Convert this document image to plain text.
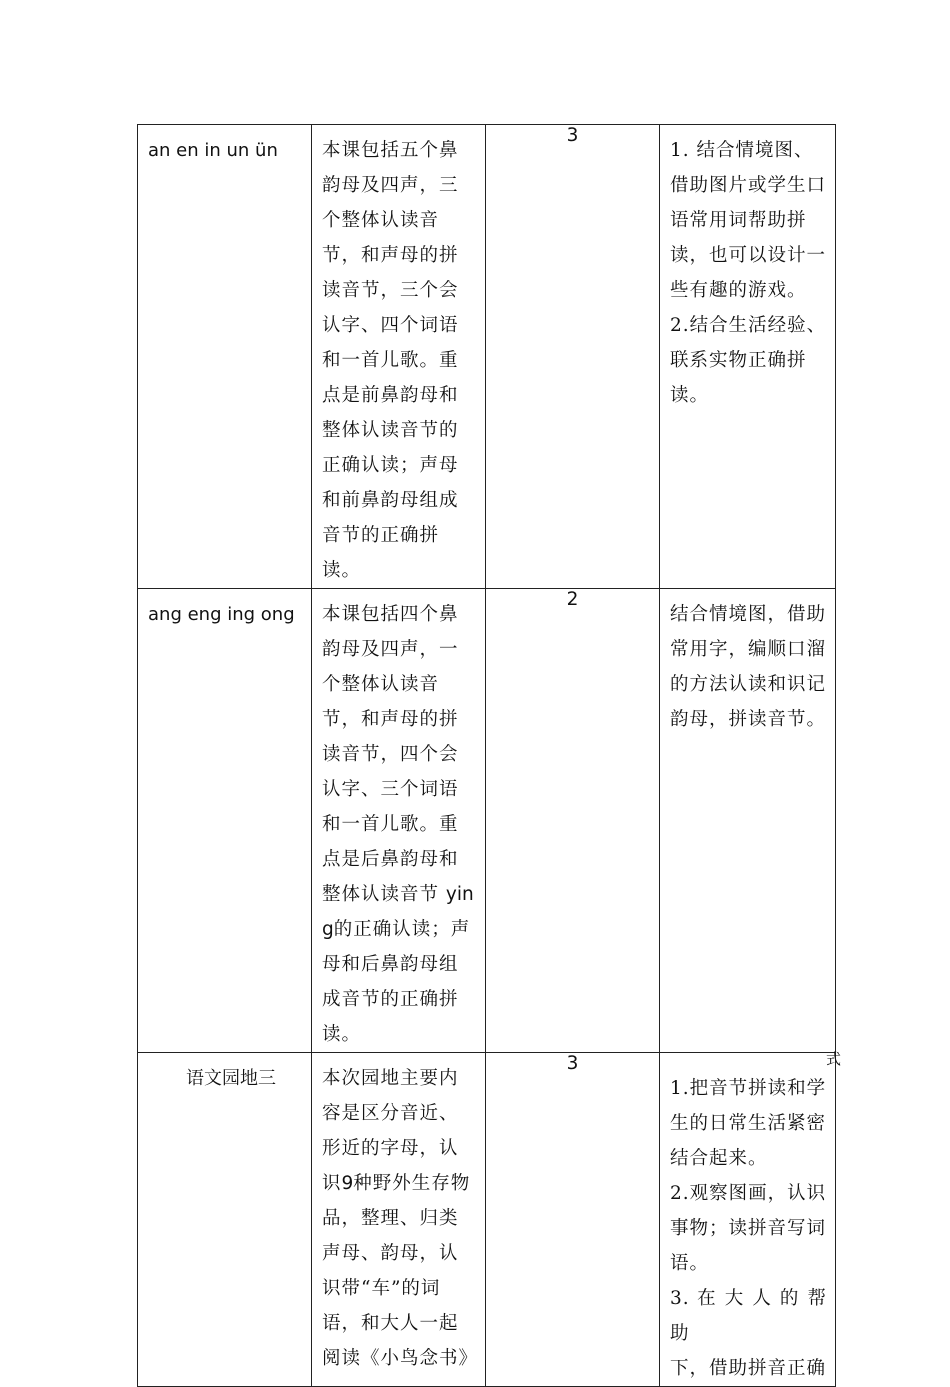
an en in un ün	本课包括五个鼻韵母及四声，三个整体认读音节，和声母的拼读音节，三个会认字、四个词语和一首儿歌。重点是前鼻韵母和整体认读音节的正确认读；声母和前鼻韵母组成音节的正确拼读。	3	1. 结合情境图、借助图片或学生口语常用词帮助拼读，也可以设计一些有趣的游戏。

2.结合生活经验、联系实物正确拼读。

ang eng ing ong	本课包括四个鼻韵母及四声，一个整体认读音节，和声母的拼读音节，四个会认字、三个词语和一首儿歌。重点是后鼻韵母和整体认读音节 ying的正确认读；声母和后鼻韵母组成音节的正确拼读。	2	结合情境图，借助常用字，编顺口溜的方法认读和识记韵母，拼读音节。

语文园地三	本次园地主要内容是区分音近、形近的字母，认识9种野外生存物品，整理、归类声母、韵母，认识带“车”的词语，和大人一起阅读《小鸟念书》	3	式

1.把音节拼读和学生的日常生活紧密结合起来。

2.观察图画，认识事物；读拼音写词语。

3. 在 大 人 的 帮 助

下，借助拼音正确
